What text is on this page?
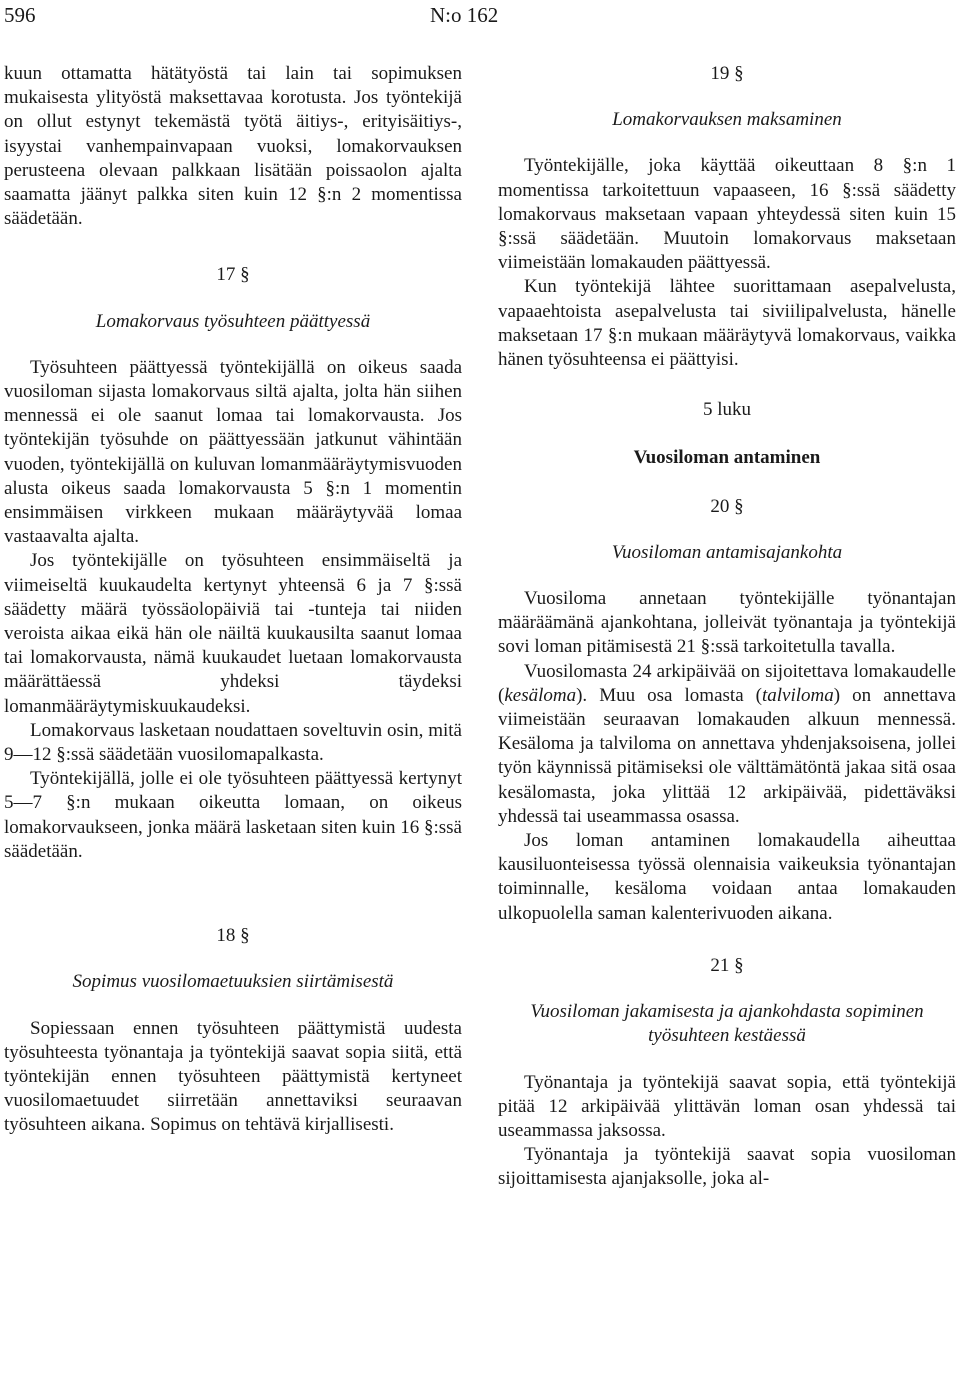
596	N:o 162

kuun ottamatta hätätyöstä tai lain tai sopimuksen mukaisesta ylityöstä maksettavaa korotusta. Jos työntekijä on ollut estynyt tekemästä työtä äitiys-, erityisäitiys-, isyystai vanhempainvapaan vuoksi, lomakorvauksen perusteena olevaan palkkaan lisätään poissaolon ajalta saamatta jäänyt palkka siten kuin 12 §:n 2 momentissa säädetään.

17 §

Lomakorvaus työsuhteen päättyessä

Työsuhteen päättyessä työntekijällä on oikeus saada vuosiloman sijasta lomakorvaus siltä ajalta, jolta hän siihen mennessä ei ole saanut lomaa tai lomakorvausta. Jos työntekijän työsuhde on päättyessään jatkunut vähintään vuoden, työntekijällä on kuluvan lomanmääräytymisvuoden alusta oikeus saada lomakorvausta 5 §:n 1 momentin ensimmäisen virkkeen mukaan määräytyvää lomaa vastaavalta ajalta.

Jos työntekijälle on työsuhteen ensimmäiseltä ja viimeiseltä kuukaudelta kertynyt yhteensä 6 ja 7 §:ssä säädetty määrä työssäolopäiviä tai -tunteja tai niiden veroista aikaa eikä hän ole näiltä kuukausilta saanut lomaa tai lomakorvausta, nämä kuukaudet luetaan lomakorvausta määrättäessä yhdeksi täydeksi lomanmääräytymiskuukaudeksi.

Lomakorvaus lasketaan noudattaen soveltuvin osin, mitä 9—12 §:ssä säädetään vuosilomapalkasta.

Työntekijällä, jolle ei ole työsuhteen päättyessä kertynyt 5—7 §:n mukaan oikeutta lomaan, on oikeus lomakorvaukseen, jonka määrä lasketaan siten kuin 16 §:ssä säädetään.

18 §

Sopimus vuosilomaetuuksien siirtämisestä

Sopiessaan ennen työsuhteen päättymistä uudesta työsuhteesta työnantaja ja työntekijä saavat sopia siitä, että työntekijän ennen työsuhteen päättymistä kertyneet vuosilomaetuudet siirretään annettaviksi seuraavan työsuhteen aikana. Sopimus on tehtävä kirjallisesti.

19 §

Lomakorvauksen maksaminen

Työntekijälle, joka käyttää oikeuttaan 8 §:n 1 momentissa tarkoitettuun vapaaseen, 16 §:ssä säädetty lomakorvaus maksetaan vapaan yhteydessä siten kuin 15 §:ssä säädetään. Muutoin lomakorvaus maksetaan viimeistään lomakauden päättyessä.

Kun työntekijä lähtee suorittamaan asepalvelusta, vapaaehtoista asepalvelusta tai siviilipalvelusta, hänelle maksetaan 17 §:n mukaan määräytyvä lomakorvaus, vaikka hänen työsuhteensa ei päättyisi.

5 luku

Vuosiloman antaminen

20 §

Vuosiloman antamisajankohta

Vuosiloma annetaan työntekijälle työnantajan määräämänä ajankohtana, jolleivät työnantaja ja työntekijä sovi loman pitämisestä 21 §:ssä tarkoitetulla tavalla.

Vuosilomasta 24 arkipäivää on sijoitettava lomakaudelle (kesäloma). Muu osa lomasta (talviloma) on annettava viimeistään seuraavan lomakauden alkuun mennessä. Kesäloma ja talviloma on annettava yhdenjaksoisena, jollei työn käynnissä pitämiseksi ole välttämätöntä jakaa sitä osaa kesälomasta, joka ylittää 12 arkipäivää, pidettäväksi yhdessä tai useammassa osassa.

Jos loman antaminen lomakaudella aiheuttaa kausiluonteisessa työssä olennaisia vaikeuksia työnantajan toiminnalle, kesäloma voidaan antaa lomakauden ulkopuolella saman kalenterivuoden aikana.

21 §

Vuosiloman jakamisesta ja ajankohdasta sopiminen työsuhteen kestäessä

Työnantaja ja työntekijä saavat sopia, että työntekijä pitää 12 arkipäivää ylittävän loman osan yhdessä tai useammassa jaksossa.

Työnantaja ja työntekijä saavat sopia vuosiloman sijoittamisesta ajanjaksolle, joka al-
